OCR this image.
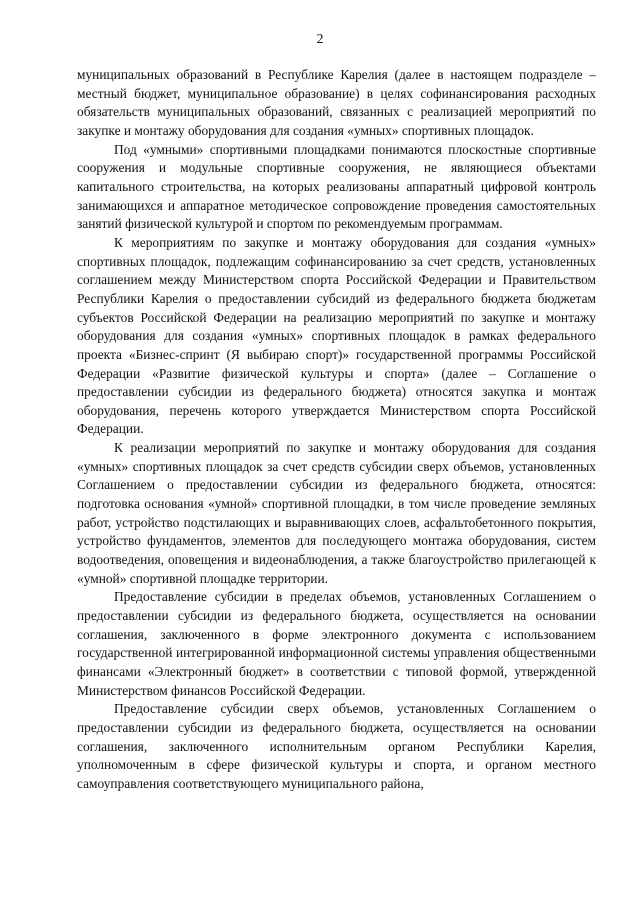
2

муниципальных образований в Республике Карелия (далее в настоящем подразделе – местный бюджет, муниципальное образование) в целях софинансирования расходных обязательств муниципальных образований, связанных с реализацией мероприятий по закупке и монтажу оборудования для создания «умных» спортивных площадок.

Под «умными» спортивными площадками понимаются плоскостные спортивные сооружения и модульные спортивные сооружения, не являющиеся объектами капитального строительства, на которых реализованы аппаратный цифровой контроль занимающихся и аппаратное методическое сопровождение проведения самостоятельных занятий физической культурой и спортом по рекомендуемым программам.

К мероприятиям по закупке и монтажу оборудования для создания «умных» спортивных площадок, подлежащим софинансированию за счет средств, установленных соглашением между Министерством спорта Российской Федерации и Правительством Республики Карелия о предоставлении субсидий из федерального бюджета бюджетам субъектов Российской Федерации на реализацию мероприятий по закупке и монтажу оборудования для создания «умных» спортивных площадок в рамках федерального проекта «Бизнес-спринт (Я выбираю спорт)» государственной программы Российской Федерации «Развитие физической культуры и спорта» (далее – Соглашение о предоставлении субсидии из федерального бюджета) относятся закупка и монтаж оборудования, перечень которого утверждается Министерством спорта Российской Федерации.

К реализации мероприятий по закупке и монтажу оборудования для создания «умных» спортивных площадок за счет средств субсидии сверх объемов, установленных Соглашением о предоставлении субсидии из федерального бюджета, относятся: подготовка основания «умной» спортивной площадки, в том числе проведение земляных работ, устройство подстилающих и выравнивающих слоев, асфальтобетонного покрытия, устройство фундаментов, элементов для последующего монтажа оборудования, систем водоотведения, оповещения и видеонаблюдения, а также благоустройство прилегающей к «умной» спортивной площадке территории.

Предоставление субсидии в пределах объемов, установленных Соглашением о предоставлении субсидии из федерального бюджета, осуществляется на основании соглашения, заключенного в форме электронного документа с использованием государственной интегрированной информационной системы управления общественными финансами «Электронный бюджет» в соответствии с типовой формой, утвержденной Министерством финансов Российской Федерации.

Предоставление субсидии сверх объемов, установленных Соглашением о предоставлении субсидии из федерального бюджета, осуществляется на основании соглашения, заключенного исполнительным органом Республики Карелия, уполномоченным в сфере физической культуры и спорта, и органом местного самоуправления соответствующего муниципального района,
